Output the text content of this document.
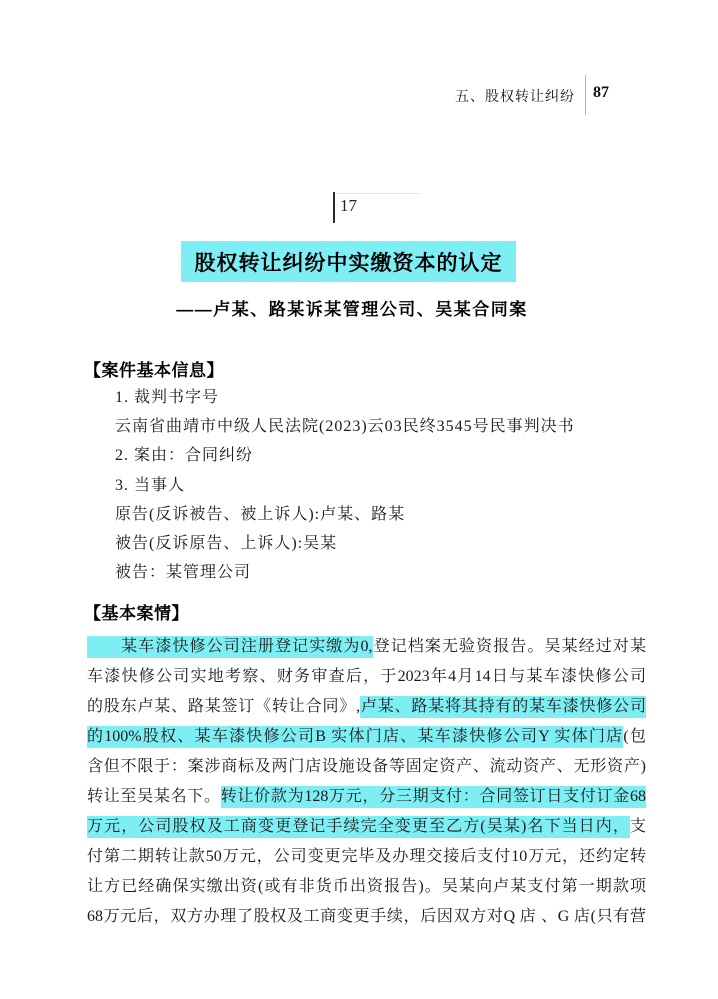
五、股权转让纠纷 87
17
股权转让纠纷中实缴资本的认定
——卢某、路某诉某管理公司、吴某合同案
【案件基本信息】
1. 裁判书字号
云南省曲靖市中级人民法院(2023)云03民终3545号民事判决书
2. 案由：合同纠纷
3. 当事人
原告(反诉被告、被上诉人):卢某、路某
被告(反诉原告、上诉人):吴某
被告：某管理公司
【基本案情】
　　某车漆快修公司注册登记实缴为0,登记档案无验资报告。吴某经过对某
车漆快修公司实地考察、财务审查后，于2023年4月14日与某车漆快修公司
的股东卢某、路某签订《转让合同》,卢某、路某将其持有的某车漆快修公司
的100%股权、某车漆快修公司B 实体门店、某车漆快修公司Y 实体门店(包
含但不限于：案涉商标及两门店设施设备等固定资产、流动资产、无形资产)
转让至吴某名下。转让价款为128万元，分三期支付：合同签订日支付订金68
万元，公司股权及工商变更登记手续完全变更至乙方(吴某)名下当日内，支
付第二期转让款50万元，公司变更完毕及办理交接后支付10万元，还约定转
让方已经确保实缴出资(或有非货币出资报告)。吴某向卢某支付第一期款项
68万元后，双方办理了股权及工商变更手续，后因双方对Q 店 、G 店(只有营
